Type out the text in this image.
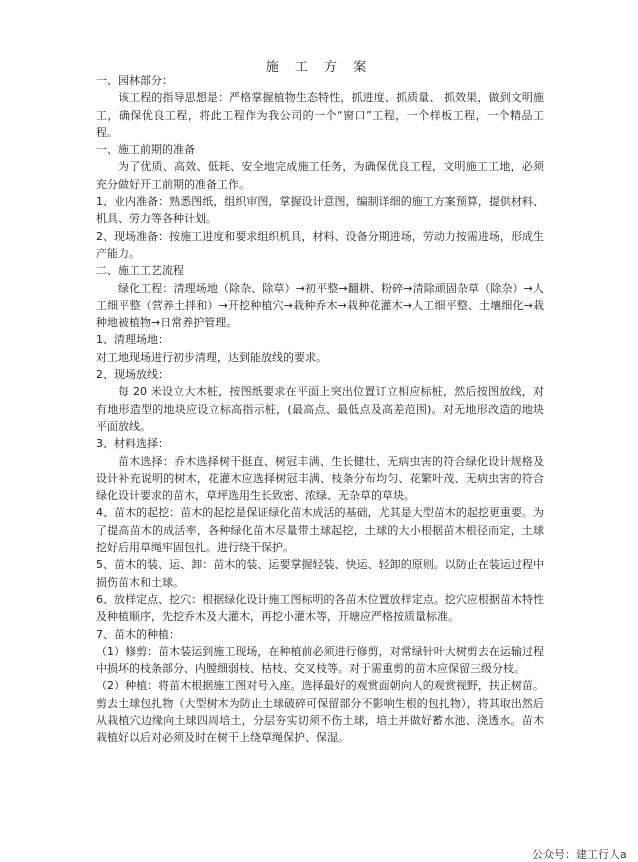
施 工 方 案

一、园林部分：

该工程的指导思想是：严格掌握植物生态特性，抓进度、抓质量、 抓效果，做到文明施工，确保优良工程，将此工程作为我公司的一个“窗口”工程，一个样板工程，一个精品工程。

一、施工前期的准备

为了优质、高效、低耗、安全地完成施工任务，为确保优良工程，文明施工工地，必须充分做好开工前期的准备工作。

1、业内准备：熟悉图纸，组织审图，掌握设计意图，编制详细的施工方案预算，提供材料、机具、劳力等各种计划。

2、现场准备：按施工进度和要求组织机具，材料、设备分期进场，劳动力按需进场，形成生产能力。

二、施工工艺流程

绿化工程：清理场地（除杂、除草）→初平整→翻耕、粉碎→清除顽固杂草（除杂）→人工细平整（营养土拌和）→开挖种植穴→栽种乔木→栽种花灌木→人工细平整、土壤细化→栽种地被植物→日常养护管理。

1、清理场地：

对工地现场进行初步清理，达到能放线的要求。

2、现场放线：

每 20 米设立大木桩，按图纸要求在平面上突出位置订立相应标桩，然后按图放线，对有地形造型的地块应设立标高指示桩，(最高点、最低点及高差范围)。对无地形改造的地块平面放线。

3、材料选择：

苗木选择：乔木选择树干挺直、树冠丰满、生长健壮、无病虫害的符合绿化设计规格及设计补充说明的树木，花灌木应选择树冠丰满、枝条分布均匀、花繁叶茂、无病虫害的符合绿化设计要求的苗木，草坪选用生长致密、浓绿、无杂草的草块。

4、苗木的起挖：苗木的起挖是保证绿化苗木成活的基础，尤其是大型苗木的起挖更重要。为了提高苗木的成活率，各种绿化苗木尽量带土球起挖，土球的大小根据苗木根径而定，土球挖好后用草绳牢固包扎。进行绕干保护。

5、苗木的装、运、卸：苗木的装、运要掌握轻装、快运、轻卸的原则。以防止在装运过程中损伤苗木和土球。

6、放样定点、挖穴：根据绿化设计施工图标明的各苗木位置放样定点。挖穴应根据苗木特性及种植顺序，先挖乔木及大灌木，再挖小灌木等，开塘应严格按质量标准。

7、苗木的种植：

（1）修剪：苗木装运到施工现场，在种植前必须进行修剪，对常绿针叶大树剪去在运输过程中损坏的枝条部分、内膛细弱枝、枯枝、交叉枝等。对于需重剪的苗木应保留三级分枝。

（2）种植：将苗木根据施工图对号入座。选择最好的观赏面朝向人的观赏视野，扶正树苗。剪去土球包扎物（大型树木为防止土球破碎可保留部分不影响生根的包扎物），将其取出然后从栽植穴边缘向土球四周培土，分层夯实切须不伤土球，培土并做好蓄水池、浇透水。苗木栽植好以后对必须及时在树干上绕草绳保护、保湿。

公众号：建工行人a
